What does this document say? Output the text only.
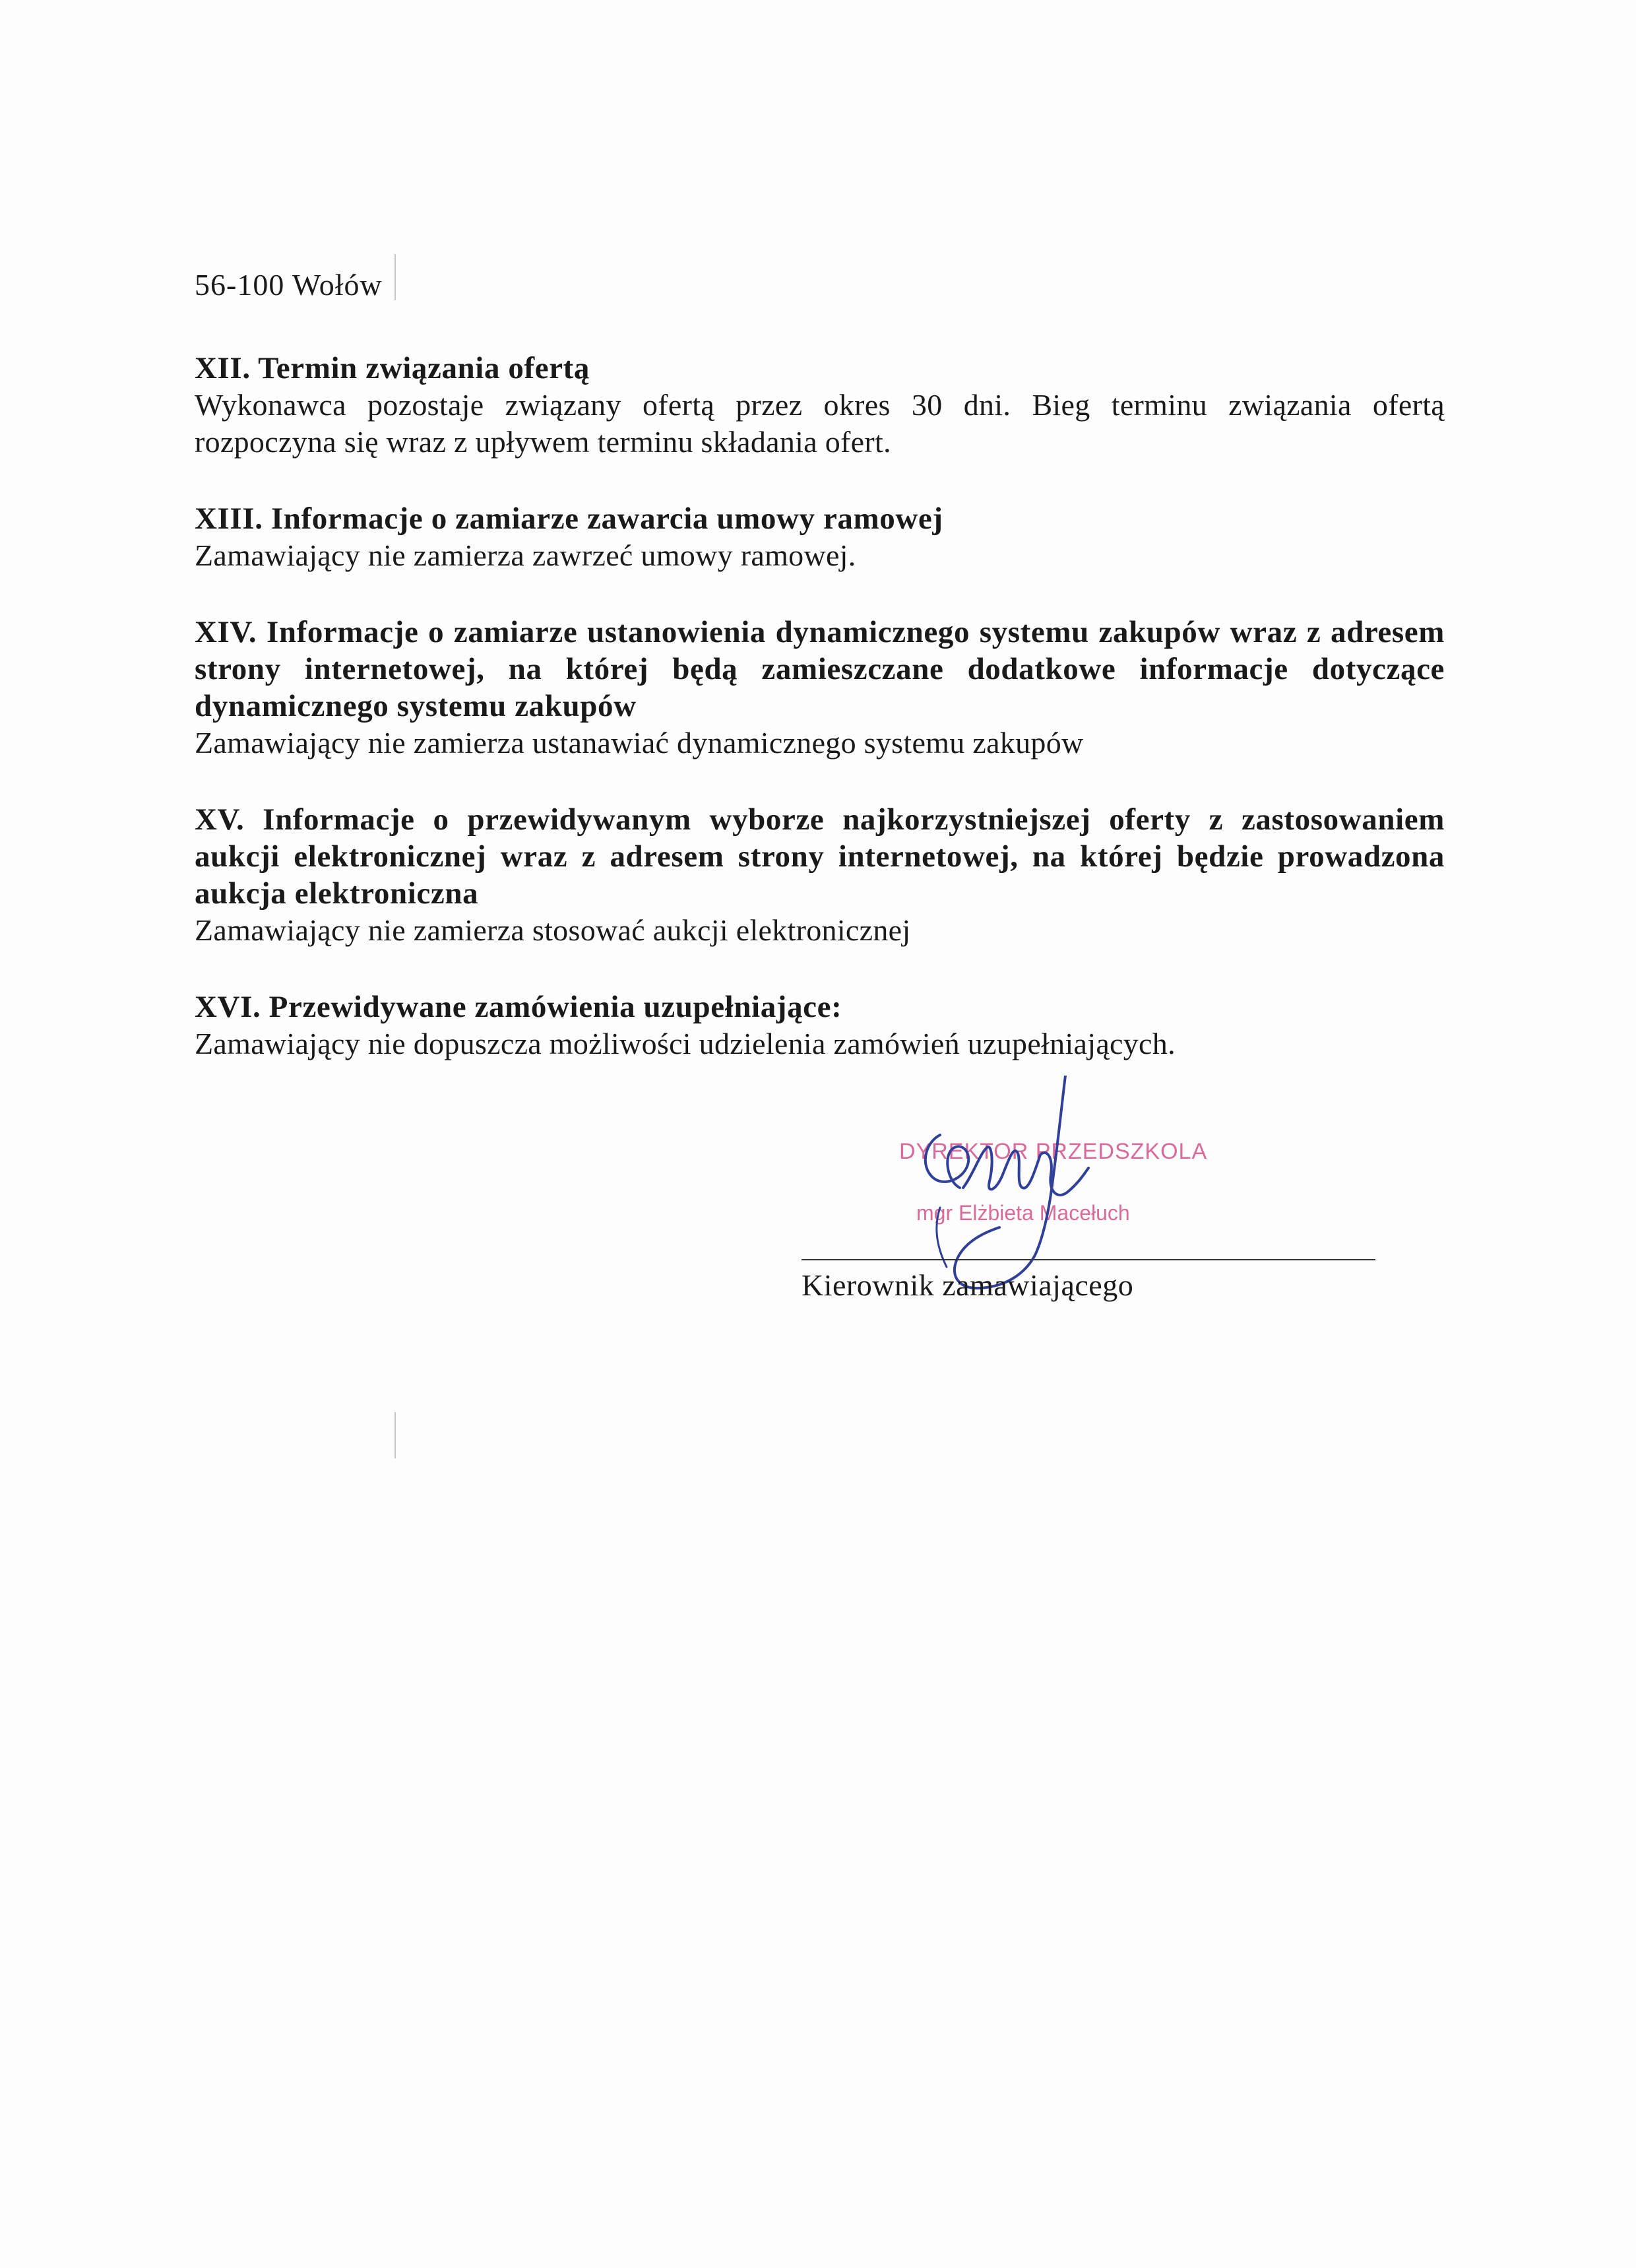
56-100 Wołów
XII. Termin związania ofertą

Wykonawca pozostaje związany ofertą przez okres 30 dni. Bieg terminu związania ofertą rozpoczyna się wraz z upływem terminu składania ofert.

XIII. Informacje o zamiarze zawarcia umowy ramowej

Zamawiający nie zamierza zawrzeć umowy ramowej.

XIV. Informacje o zamiarze ustanowienia dynamicznego systemu zakupów wraz z adresem strony internetowej, na której będą zamieszczane dodatkowe informacje dotyczące dynamicznego systemu zakupów

Zamawiający nie zamierza ustanawiać dynamicznego systemu zakupów

XV. Informacje o przewidywanym wyborze najkorzystniejszej oferty z zastosowaniem aukcji elektronicznej wraz z adresem strony internetowej, na której będzie prowadzona aukcja elektroniczna

Zamawiający nie zamierza stosować aukcji elektronicznej

XVI. Przewidywane zamówienia uzupełniające:

Zamawiający nie dopuszcza możliwości udzielenia zamówień uzupełniających.

DYREKTOR PRZEDSZKOLA
mgr Elżbieta Macełuch
Kierownik zamawiającego
